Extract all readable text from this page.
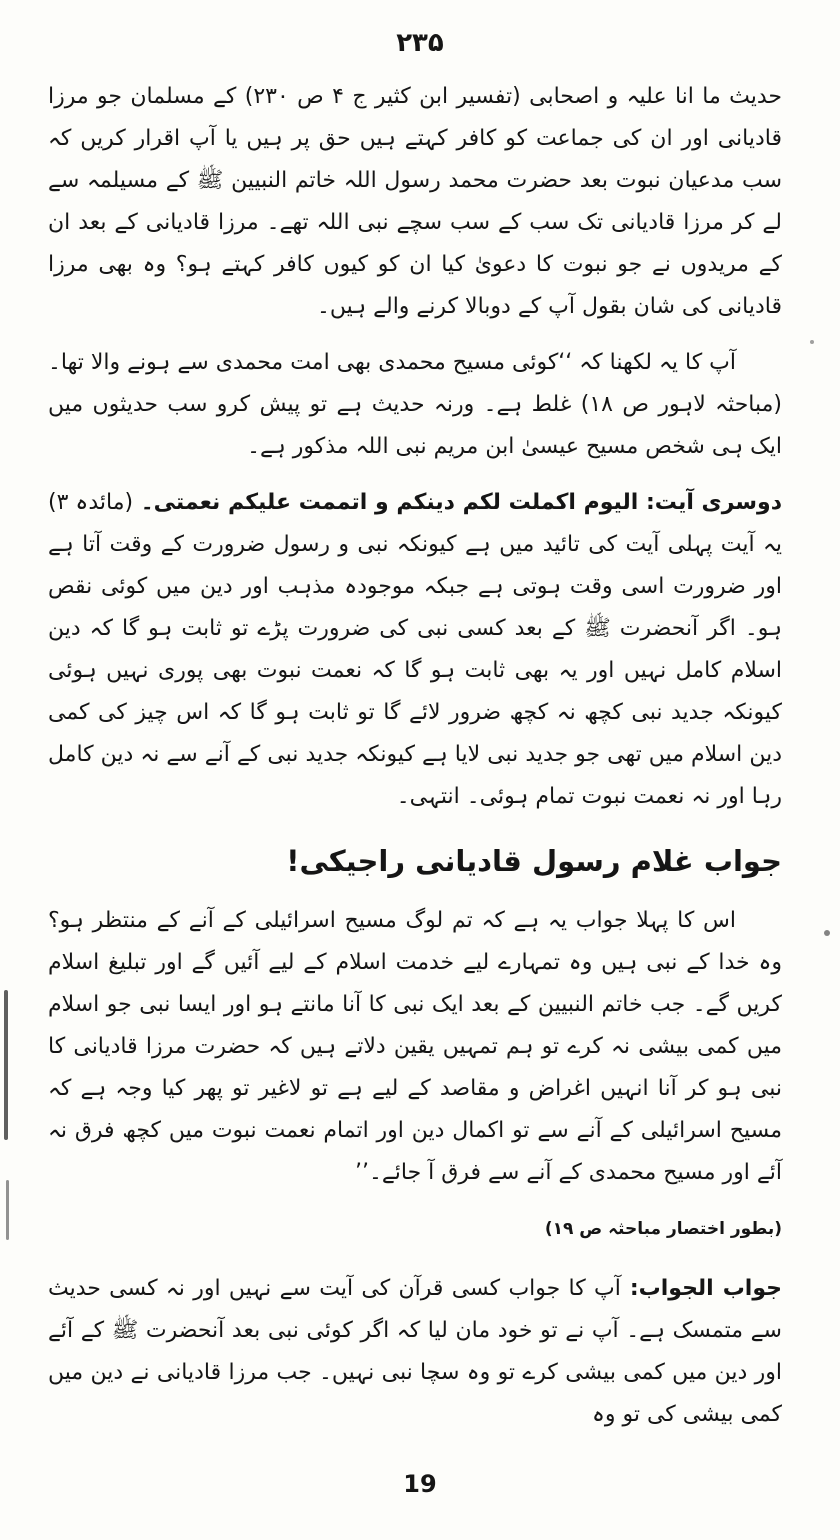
۲۳۵

حدیث ما انا علیہ و اصحابی (تفسیر ابن کثیر ج ۴ ص ۲۳۰) کے مسلمان جو مرزا قادیانی اور ان کی جماعت کو کافر کہتے ہیں حق پر ہیں یا آپ اقرار کریں کہ سب مدعیان نبوت بعد حضرت محمد رسول اللہ خاتم النبیین ﷺ کے مسیلمہ سے لے کر مرزا قادیانی تک سب کے سب سچے نبی اللہ تھے۔ مرزا قادیانی کے بعد ان کے مریدوں نے جو نبوت کا دعویٰ کیا ان کو کیوں کافر کہتے ہو؟ وہ بھی مرزا قادیانی کی شان بقول آپ کے دوبالا کرنے والے ہیں۔

آپ کا یہ لکھنا کہ ‘‘کوئی مسیح محمدی بھی امت محمدی سے ہونے والا تھا۔ (مباحثہ لاہور ص ۱۸) غلط ہے۔ ورنہ حدیث ہے تو پیش کرو سب حدیثوں میں ایک ہی شخص مسیح عیسیٰ ابن مریم نبی اللہ مذکور ہے۔

دوسری آیت: الیوم اکملت لکم دینکم و اتممت علیکم نعمتی۔ (مائدہ ۳) یہ آیت پہلی آیت کی تائید میں ہے کیونکہ نبی و رسول ضرورت کے وقت آتا ہے اور ضرورت اسی وقت ہوتی ہے جبکہ موجودہ مذہب اور دین میں کوئی نقص ہو۔ اگر آنحضرت ﷺ کے بعد کسی نبی کی ضرورت پڑے تو ثابت ہو گا کہ دین اسلام کامل نہیں اور یہ بھی ثابت ہو گا کہ نعمت نبوت بھی پوری نہیں ہوئی کیونکہ جدید نبی کچھ نہ کچھ ضرور لائے گا تو ثابت ہو گا کہ اس چیز کی کمی دین اسلام میں تھی جو جدید نبی لایا ہے کیونکہ جدید نبی کے آنے سے نہ دین کامل رہا اور نہ نعمت نبوت تمام ہوئی۔ انتہی۔

جواب غلام رسول قادیانی راجیکی!

اس کا پہلا جواب یہ ہے کہ تم لوگ مسیح اسرائیلی کے آنے کے منتظر ہو؟ وہ خدا کے نبی ہیں وہ تمہارے لیے خدمت اسلام کے لیے آئیں گے اور تبلیغ اسلام کریں گے۔ جب خاتم النبیین کے بعد ایک نبی کا آنا مانتے ہو اور ایسا نبی جو اسلام میں کمی بیشی نہ کرے تو ہم تمہیں یقین دلاتے ہیں کہ حضرت مرزا قادیانی کا نبی ہو کر آنا انہیں اغراض و مقاصد کے لیے ہے تو لاغیر تو پھر کیا وجہ ہے کہ مسیح اسرائیلی کے آنے سے تو اکمال دین اور اتمام نعمت نبوت میں کچھ فرق نہ آئے اور مسیح محمدی کے آنے سے فرق آ جائے۔’’

(بطور اختصار مباحثہ ص ۱۹)

جواب الجواب: آپ کا جواب کسی قرآن کی آیت سے نہیں اور نہ کسی حدیث سے متمسک ہے۔ آپ نے تو خود مان لیا کہ اگر کوئی نبی بعد آنحضرت ﷺ کے آئے اور دین میں کمی بیشی کرے تو وہ سچا نبی نہیں۔ جب مرزا قادیانی نے دین میں کمی بیشی کی تو وہ

19
